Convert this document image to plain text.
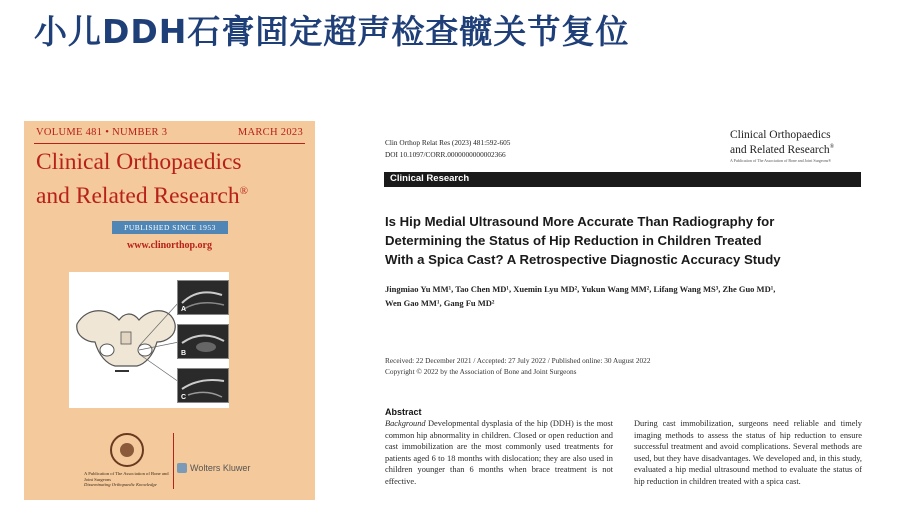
小儿DDH石膏固定超声检查髋关节复位
VOLUME 481 • NUMBER 3	MARCH 2023
Clinical Orthopaedics
and Related Research®
PUBLISHED SINCE 1953
www.clinorthop.org
A
B
C
A Publication of The Association of Bone and Joint Surgeons
Disseminating Orthopaedic Knowledge
Wolters Kluwer
Clin Orthop Relat Res (2023) 481:592-605
DOI 10.1097/CORR.0000000000002366
Clinical Orthopaedics
and Related Research®
A Publication of The Association of Bone and Joint Surgeons®
Clinical Research
Is Hip Medial Ultrasound More Accurate Than Radiography for
Determining the Status of Hip Reduction in Children Treated
With a Spica Cast? A Retrospective Diagnostic Accuracy Study
Jingmiao Yu MM¹, Tao Chen MD¹, Xuemin Lyu MD², Yukun Wang MM², Lifang Wang MS³, Zhe Guo MD¹,
Wen Gao MM¹, Gang Fu MD²
Received: 22 December 2021 / Accepted: 27 July 2022 / Published online: 30 August 2022
Copyright © 2022 by the Association of Bone and Joint Surgeons
Abstract
Background Developmental dysplasia of the hip (DDH) is the most common hip abnormality in children. Closed or open reduction and cast immobilization are the most commonly used treatments for patients aged 6 to 18 months with dislocation; they are also used in children younger than 6 months when brace treatment is not effective.
During cast immobilization, surgeons need reliable and timely imaging methods to assess the status of hip reduction to ensure successful treatment and avoid complications. Several methods are used, but they have disadvantages. We developed and, in this study, evaluated a hip medial ultrasound method to evaluate the status of hip reduction in children treated with a spica cast.
